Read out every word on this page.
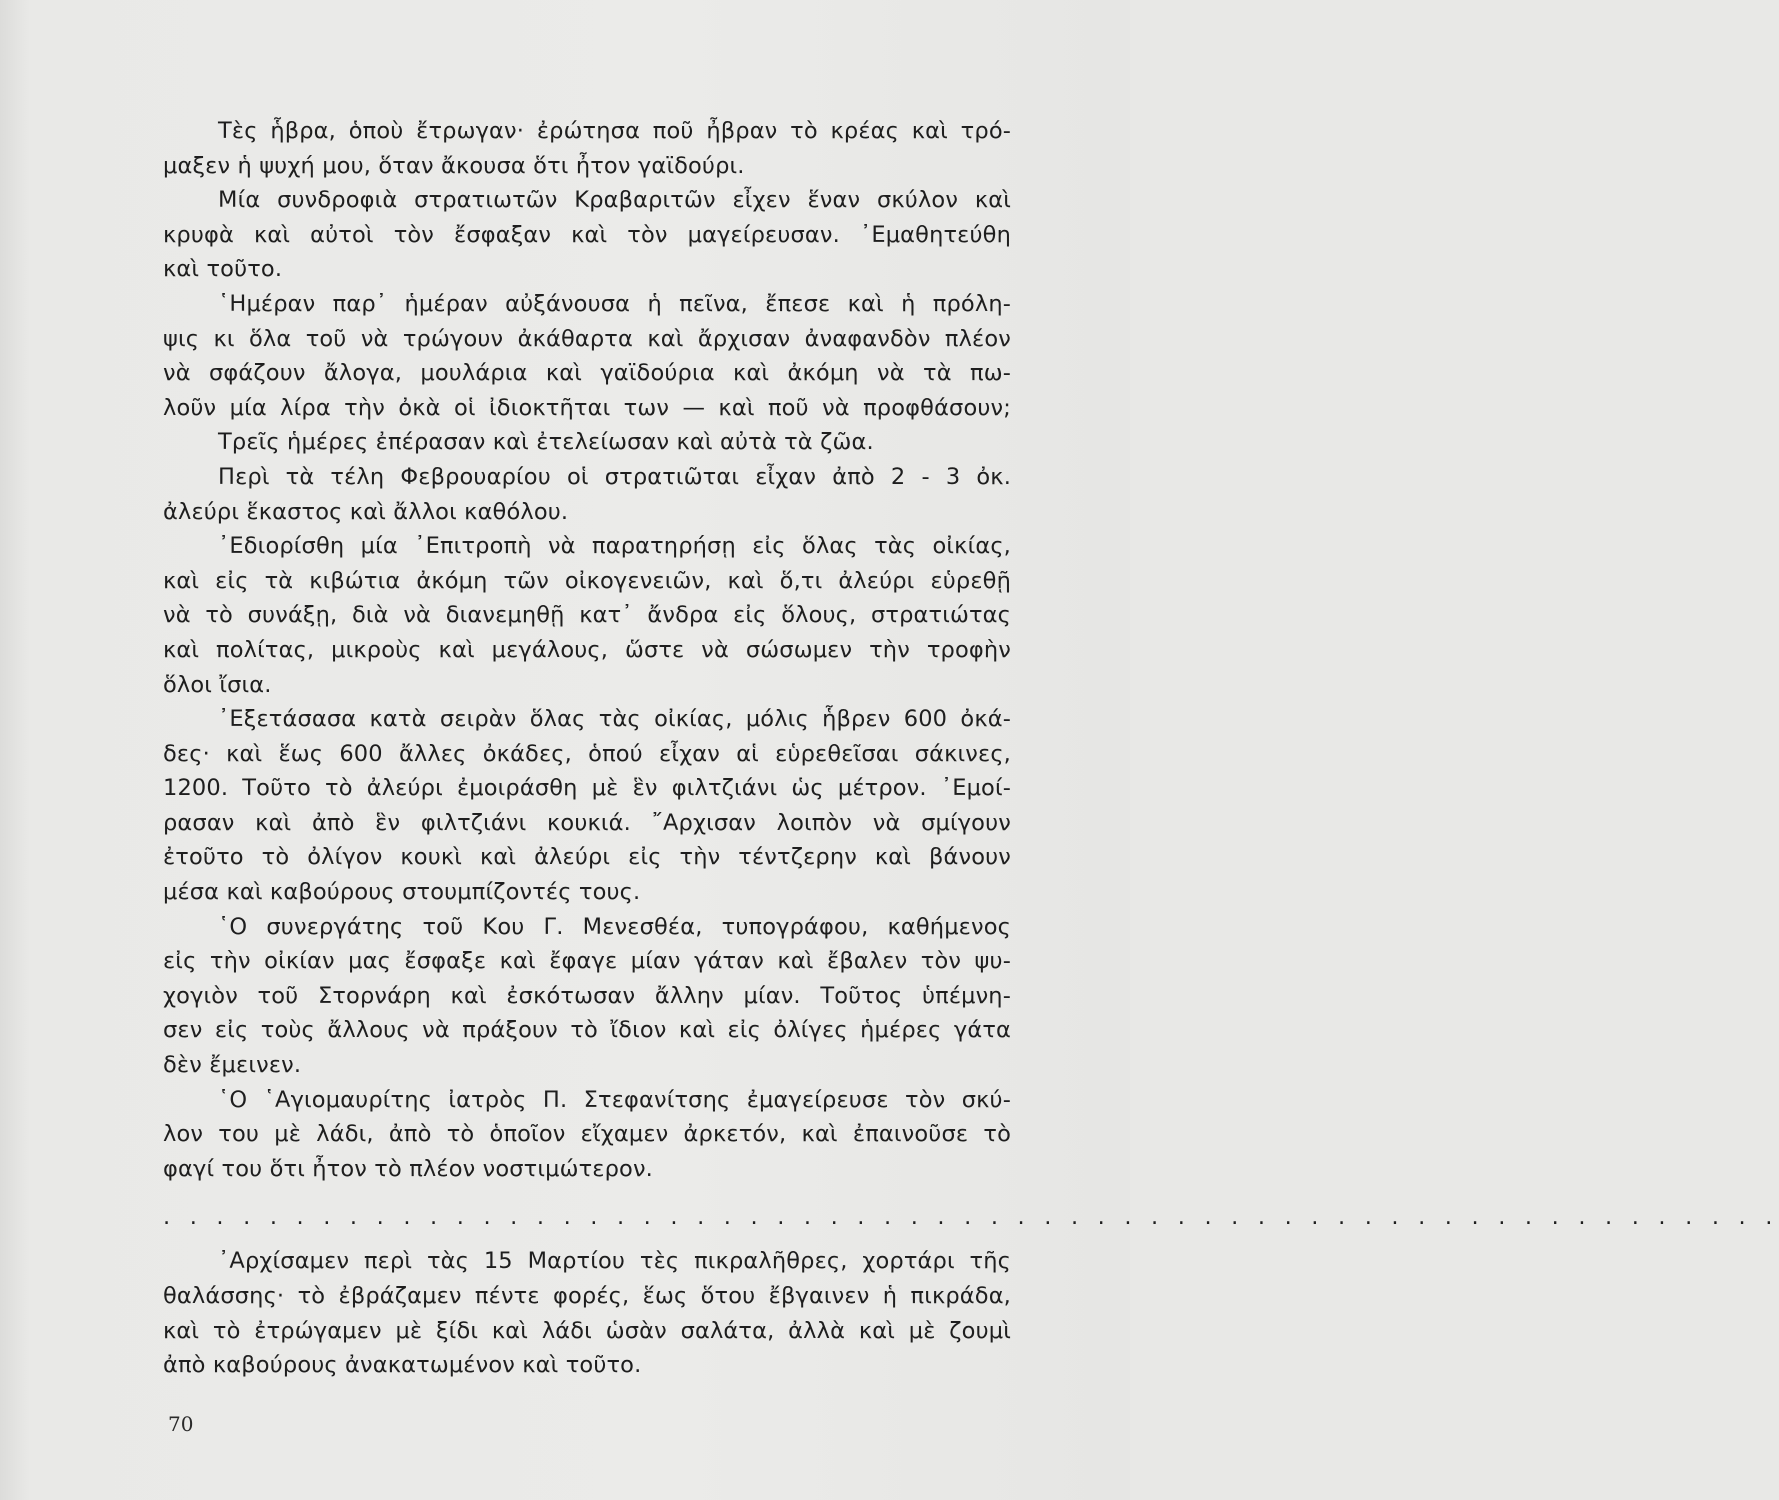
Τὲς ἧβρα, ὁποὺ ἔτρωγαν· ἐρώτησα ποῦ ἦβραν τὸ κρέας καὶ τρό-
μαξεν ἡ ψυχή μου, ὅταν ἄκουσα ὅτι ἦτον γαϊδούρι.

Μία συνδροφιὰ στρατιωτῶν Κραβαριτῶν εἶχεν ἕναν σκύλον καὶ
κρυφὰ καὶ αὐτοὶ τὸν ἔσφαξαν καὶ τὸν μαγείρευσαν. ᾿Εμαθητεύθη
καὶ τοῦτο.

῾Ημέραν παρ᾽ ἡμέραν αὐξάνουσα ἡ πεῖνα, ἔπεσε καὶ ἡ πρόλη-
ψις κι ὅλα τοῦ νὰ τρώγουν ἀκάθαρτα καὶ ἄρχισαν ἀναφανδὸν πλέον
νὰ σφάζουν ἄλογα, μουλάρια καὶ γαϊδούρια καὶ ἀκόμη νὰ τὰ πω-
λοῦν μία λίρα τὴν ὀκὰ οἱ ἰδιοκτῆται των — καὶ ποῦ νὰ προφθάσουν;

Τρεῖς ἡμέρες ἐπέρασαν καὶ ἐτελείωσαν καὶ αὐτὰ τὰ ζῶα.

Περὶ τὰ τέλη Φεβρουαρίου οἱ στρατιῶται εἶχαν ἀπὸ 2 - 3 ὀκ.
ἀλεύρι ἕκαστος καὶ ἄλλοι καθόλου.

᾿Εδιορίσθη μία ᾿Επιτροπὴ νὰ παρατηρήσῃ εἰς ὅλας τὰς οἰκίας,
καὶ εἰς τὰ κιβώτια ἀκόμη τῶν οἰκογενειῶν, καὶ ὅ,τι ἀλεύρι εὑρεθῇ
νὰ τὸ συνάξῃ, διὰ νὰ διανεμηθῇ κατ᾽ ἄνδρα εἰς ὅλους, στρατιώτας
καὶ πολίτας, μικροὺς καὶ μεγάλους, ὥστε νὰ σώσωμεν τὴν τροφὴν
ὅλοι ἴσια.

᾿Εξετάσασα κατὰ σειρὰν ὅλας τὰς οἰκίας, μόλις ἧβρεν 600 ὀκά-
δες· καὶ ἕως 600 ἄλλες ὀκάδες, ὁπού εἶχαν αἱ εὑρεθεῖσαι σάκινες,
1200. Τοῦτο τὸ ἀλεύρι ἐμοιράσθη μὲ ἓν φιλτζιάνι ὡς μέτρον. ᾿Εμοί-
ρασαν καὶ ἀπὸ ἓν φιλτζιάνι κουκιά. ῎Αρχισαν λοιπὸν νὰ σμίγουν
ἐτοῦτο τὸ ὀλίγον κουκὶ καὶ ἀλεύρι εἰς τὴν τέντζερην καὶ βάνουν
μέσα καὶ καβούρους στουμπίζοντές τους.

῾Ο συνεργάτης τοῦ Κου Γ. Μενεσθέα, τυπογράφου, καθήμενος
εἰς τὴν οἰκίαν μας ἔσφαξε καὶ ἔφαγε μίαν γάταν καὶ ἔβαλεν τὸν ψυ-
χογιὸν τοῦ Στορνάρη καὶ ἐσκότωσαν ἄλλην μίαν. Τοῦτος ὑπέμνη-
σεν εἰς τοὺς ἄλλους νὰ πράξουν τὸ ἴδιον καὶ εἰς ὀλίγες ἡμέρες γάτα
δὲν ἔμεινεν.

῾Ο ῾Αγιομαυρίτης ἰατρὸς Π. Στεφανίτσης ἐμαγείρευσε τὸν σκύ-
λον του μὲ λάδι, ἀπὸ τὸ ὁποῖον εἴχαμεν ἀρκετόν, καὶ ἐπαινοῦσε τὸ
φαγί του ὅτι ἦτον τὸ πλέον νοστιμώτερον.

. . . . . . . . . . . . . . . . . . . . . . . . . . . . . . . . . . . . . . . . . . . . . . . . . . . . . . . . . . . . .

᾿Αρχίσαμεν περὶ τὰς 15 Μαρτίου τὲς πικραλῆθρες, χορτάρι τῆς
θαλάσσης· τὸ ἐβράζαμεν πέντε φορές, ἕως ὅτου ἔβγαινεν ἡ πικράδα,
καὶ τὸ ἐτρώγαμεν μὲ ξίδι καὶ λάδι ὡσὰν σαλάτα, ἀλλὰ καὶ μὲ ζουμὶ
ἀπὸ καβούρους ἀνακατωμένον καὶ τοῦτο.

70
